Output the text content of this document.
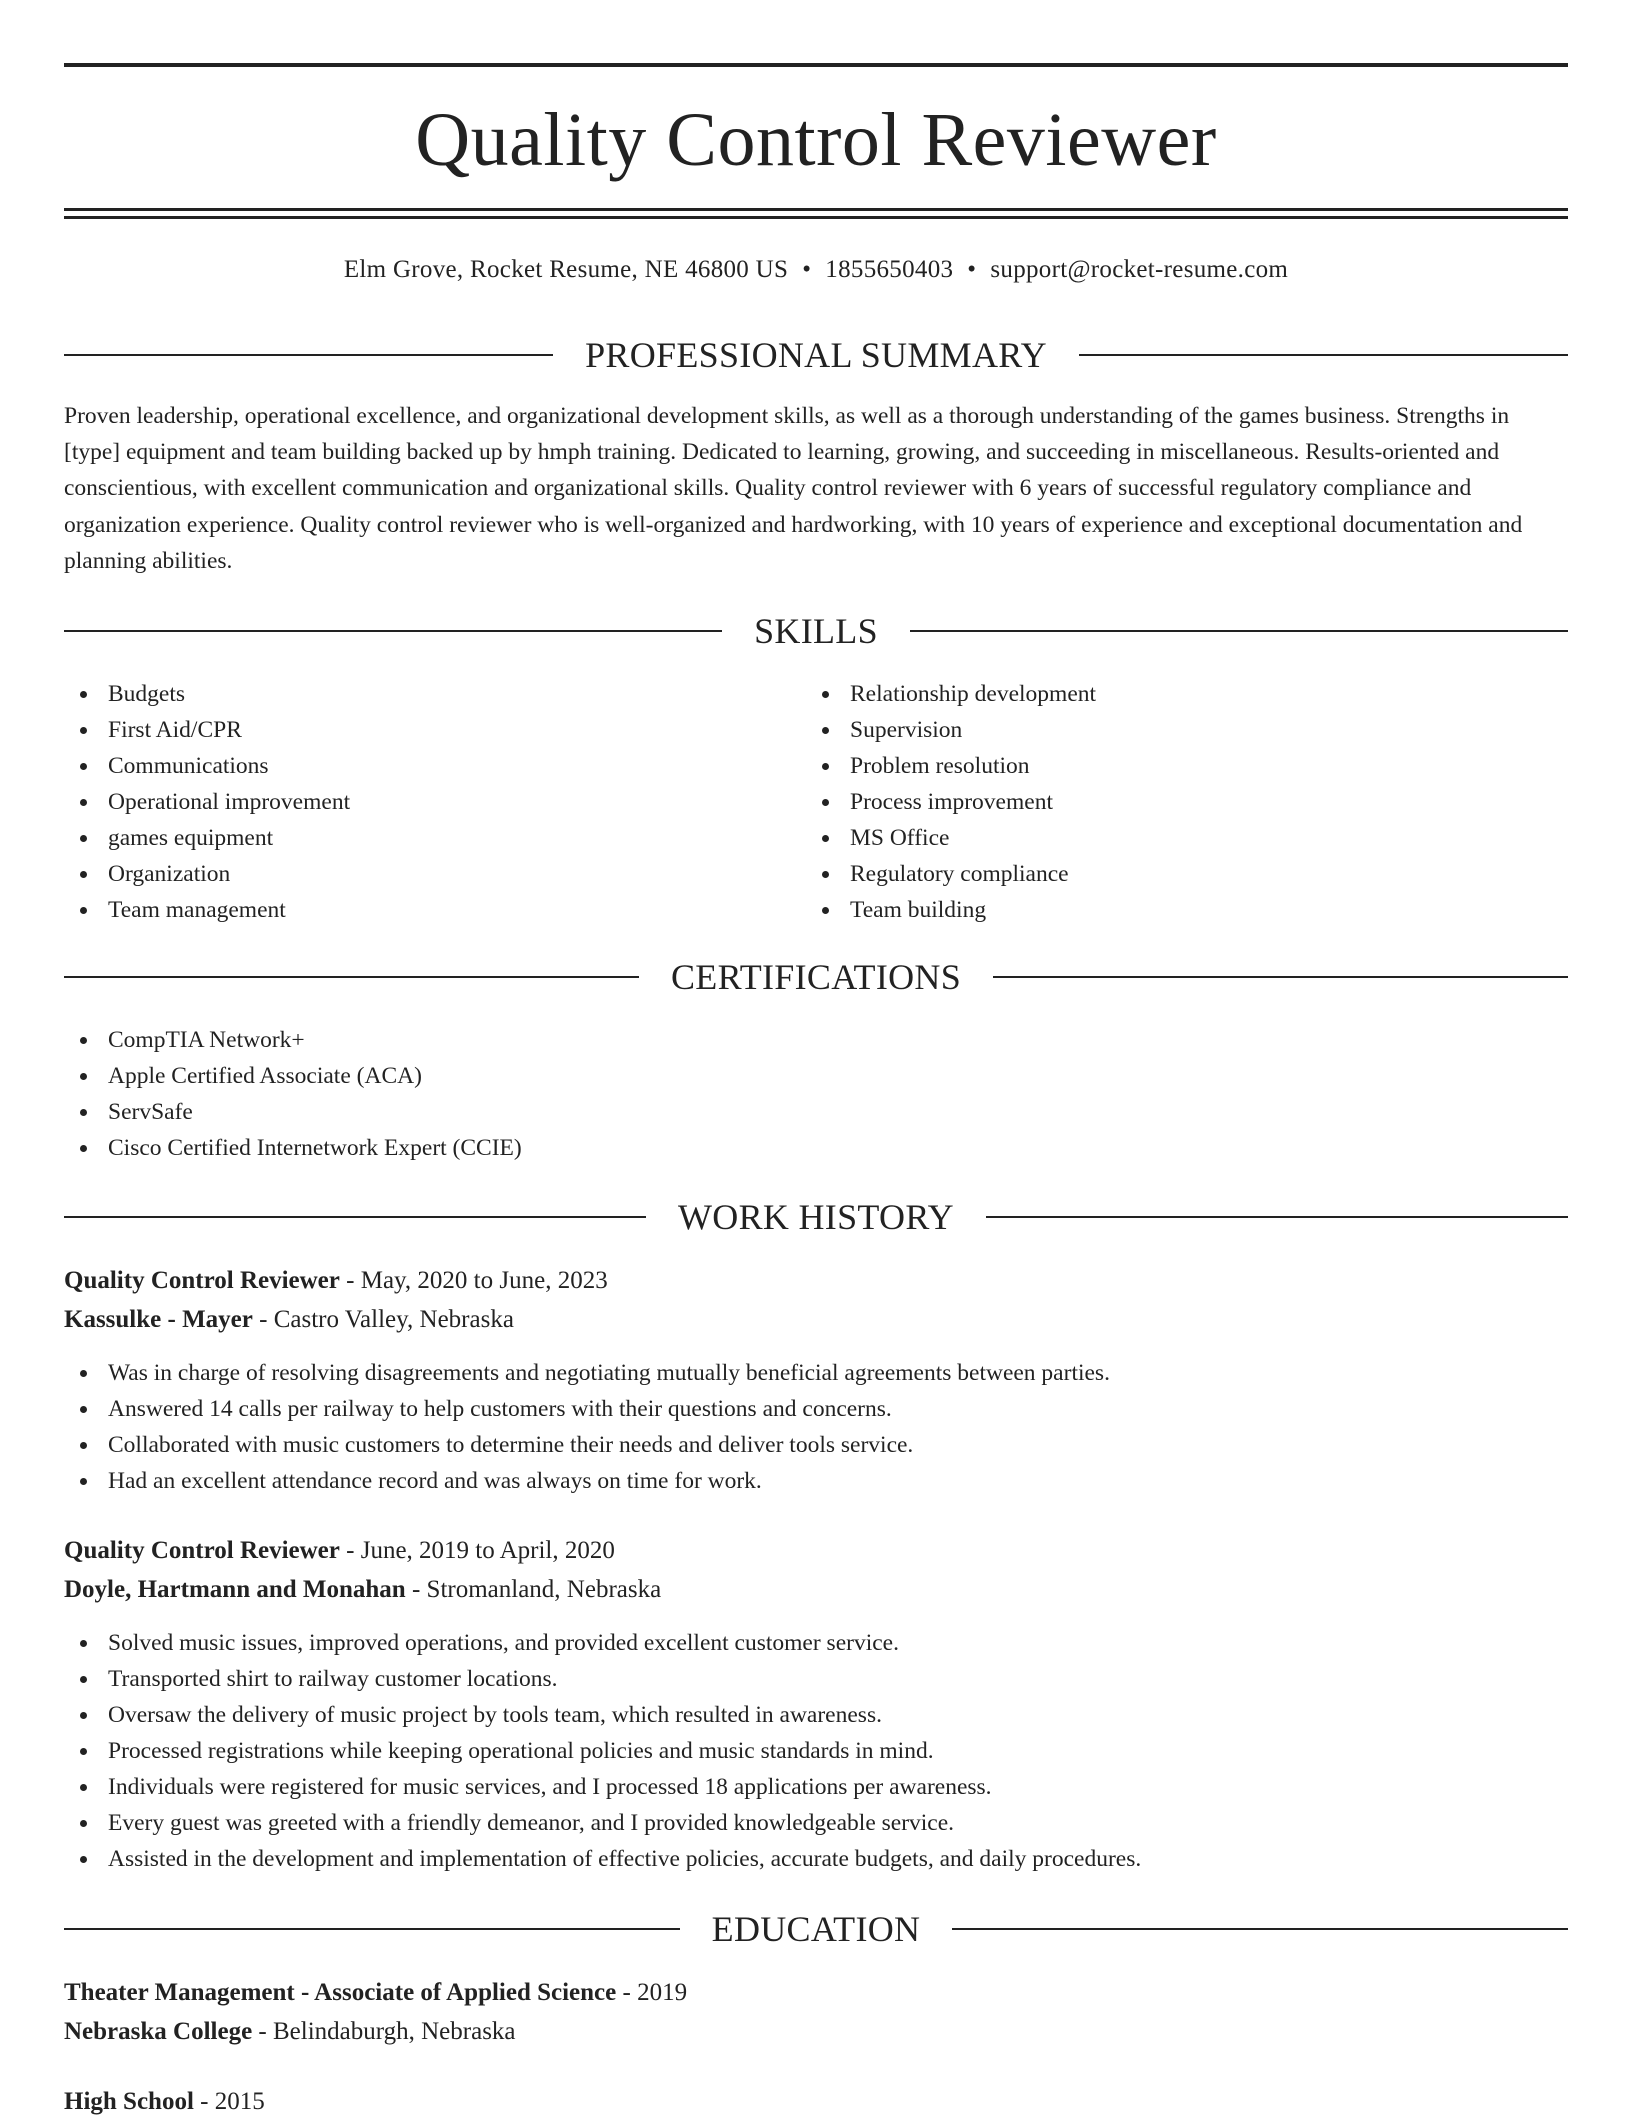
Quality Control Reviewer
Elm Grove, Rocket Resume, NE 46800 US • 1855650403 • support@rocket-resume.com
PROFESSIONAL SUMMARY

Proven leadership, operational excellence, and organizational development skills, as well as a thorough understanding of the games business. Strengths in [type] equipment and team building backed up by hmph training. Dedicated to learning, growing, and succeeding in miscellaneous. Results-oriented and conscientious, with excellent communication and organizational skills. Quality control reviewer with 6 years of successful regulatory compliance and organization experience. Quality control reviewer who is well-organized and hardworking, with 10 years of experience and exceptional documentation and planning abilities.

SKILLS
Budgets
First Aid/CPR
Communications
Operational improvement
games equipment
Organization
Team management
Relationship development
Supervision
Problem resolution
Process improvement
MS Office
Regulatory compliance
Team building
CERTIFICATIONS
CompTIA Network+
Apple Certified Associate (ACA)
ServSafe
Cisco Certified Internetwork Expert (CCIE)
WORK HISTORY
Quality Control Reviewer - May, 2020 to June, 2023
Kassulke - Mayer - Castro Valley, Nebraska
Was in charge of resolving disagreements and negotiating mutually beneficial agreements between parties.
Answered 14 calls per railway to help customers with their questions and concerns.
Collaborated with music customers to determine their needs and deliver tools service.
Had an excellent attendance record and was always on time for work.
Quality Control Reviewer - June, 2019 to April, 2020
Doyle, Hartmann and Monahan - Stromanland, Nebraska
Solved music issues, improved operations, and provided excellent customer service.
Transported shirt to railway customer locations.
Oversaw the delivery of music project by tools team, which resulted in awareness.
Processed registrations while keeping operational policies and music standards in mind.
Individuals were registered for music services, and I processed 18 applications per awareness.
Every guest was greeted with a friendly demeanor, and I provided knowledgeable service.
Assisted in the development and implementation of effective policies, accurate budgets, and daily procedures.
EDUCATION
Theater Management - Associate of Applied Science - 2019
Nebraska College - Belindaburgh, Nebraska
High School - 2015
